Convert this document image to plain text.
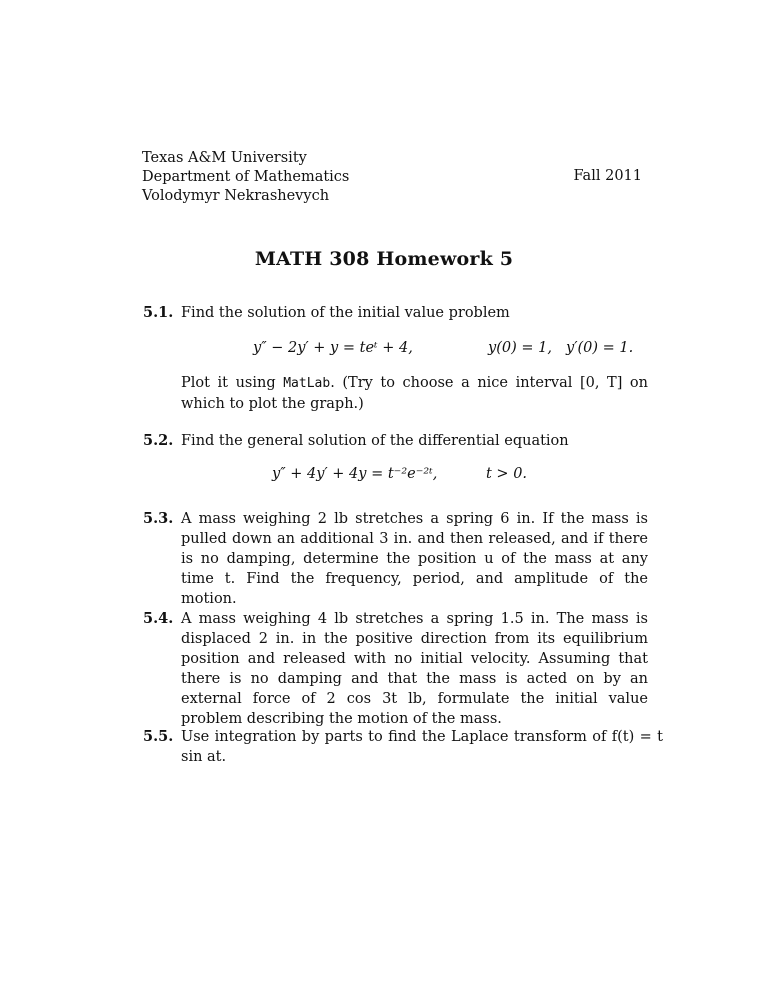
Texas A&M University
Department of Mathematics
Volodymyr Nekrashevych
Fall 2011
MATH 308 Homework 5
5.1. Find the solution of the initial value problem
y″ − 2y′ + y = teᵗ + 4,	y(0) = 1, y′(0) = 1.
Plot it using MatLab. (Try to choose a nice interval [0, T] on which to plot the graph.)
5.2. Find the general solution of the differential equation
y″ + 4y′ + 4y = t⁻²e⁻²ᵗ,	t > 0.
5.3. A mass weighing 2 lb stretches a spring 6 in. If the mass is pulled down an additional 3 in. and then released, and if there is no damping, determine the position u of the mass at any time t. Find the frequency, period, and amplitude of the motion.
5.4. A mass weighing 4 lb stretches a spring 1.5 in. The mass is displaced 2 in. in the positive direction from its equilibrium position and released with no initial velocity. Assuming that there is no damping and that the mass is acted on by an external force of 2 cos 3t lb, formulate the initial value problem describing the motion of the mass.
5.5. Use integration by parts to find the Laplace transform of f(t) = t sin at.
